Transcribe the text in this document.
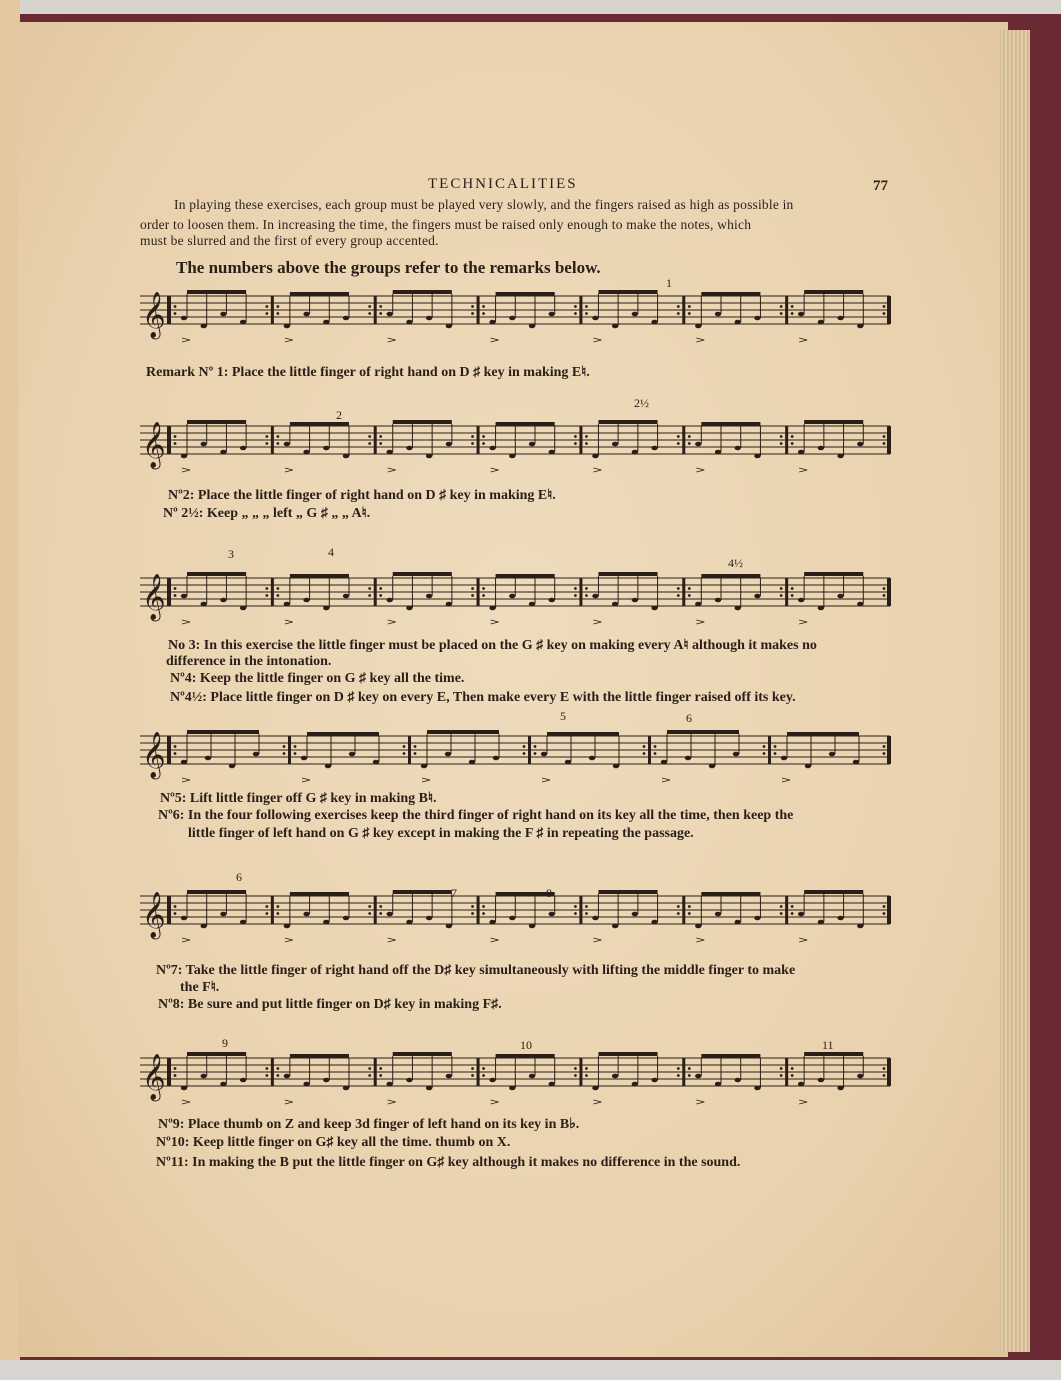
TECHNICALITIES	77
In playing these exercises, each group must be played very slowly, and the fingers raised as high as possible in
order to loosen them. In increasing the time, the fingers must be raised only enough to make the notes, which
must be slurred and the first of every group accented.
The numbers above the groups refer to the remarks below.
𝄞
𝄞
𝄞
𝄞
𝄞
𝄞
1
2
2½
3	4
4½
5	6
6
7	8
9	10	11
Remark Nº 1: Place the little finger of right hand on D ♯ key in making E♮.
Nº2: Place the little finger of right hand on D ♯ key in making E♮.
Nº 2½: Keep „ „ „ left „ G ♯ „ „ A♮.
No 3: In this exercise the little finger must be placed on the G ♯ key on making every A♮ although it makes no
difference in the intonation.
Nº4: Keep the little finger on G ♯ key all the time.
Nº4½: Place little finger on D ♯ key on every E, Then make every E with the little finger raised off its key.
Nº5: Lift little finger off G ♯ key in making B♮.
Nº6: In the four following exercises keep the third finger of right hand on its key all the time, then keep the
little finger of left hand on G ♯ key except in making the F ♯ in repeating the passage.
Nº7: Take the little finger of right hand off the D♯ key simultaneously with lifting the middle finger to make
the F♮.
Nº8: Be sure and put little finger on D♯ key in making F♯.
Nº9: Place thumb on Z and keep 3d finger of left hand on its key in B♭.
Nº10: Keep little finger on G♯ key all the time. thumb on X.
Nº11: In making the B put the little finger on G♯ key although it makes no difference in the sound.
